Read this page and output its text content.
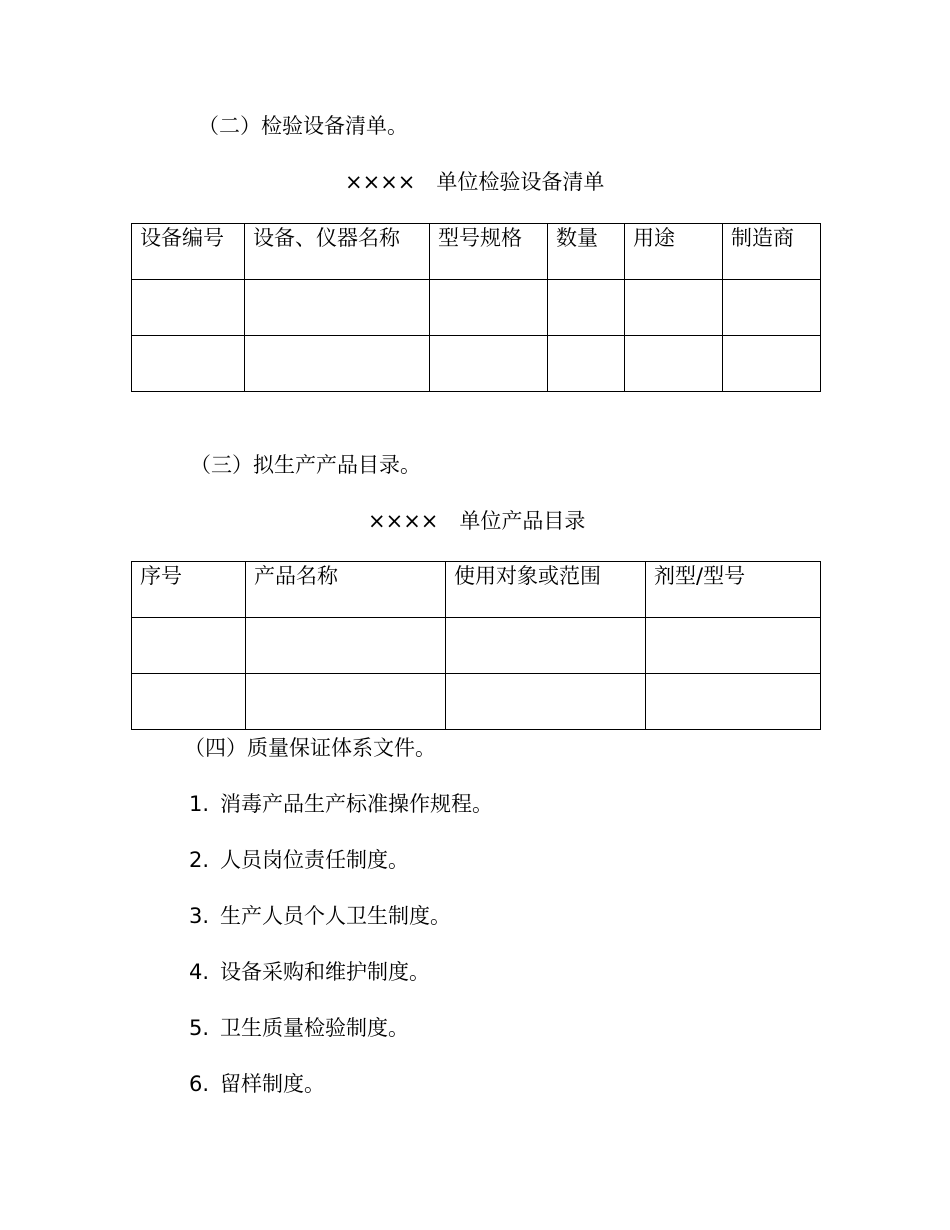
（二）检验设备清单。
××××　单位检验设备清单
设备编号	设备、仪器名称	型号规格	数量	用途	制造商

（三）拟生产产品目录。
××××　单位产品目录
序号	产品名称	使用对象或范围	剂型/型号

（四）质量保证体系文件。
1. 消毒产品生产标准操作规程。
2. 人员岗位责任制度。
3. 生产人员个人卫生制度。
4. 设备采购和维护制度。
5. 卫生质量检验制度。
6. 留样制度。
